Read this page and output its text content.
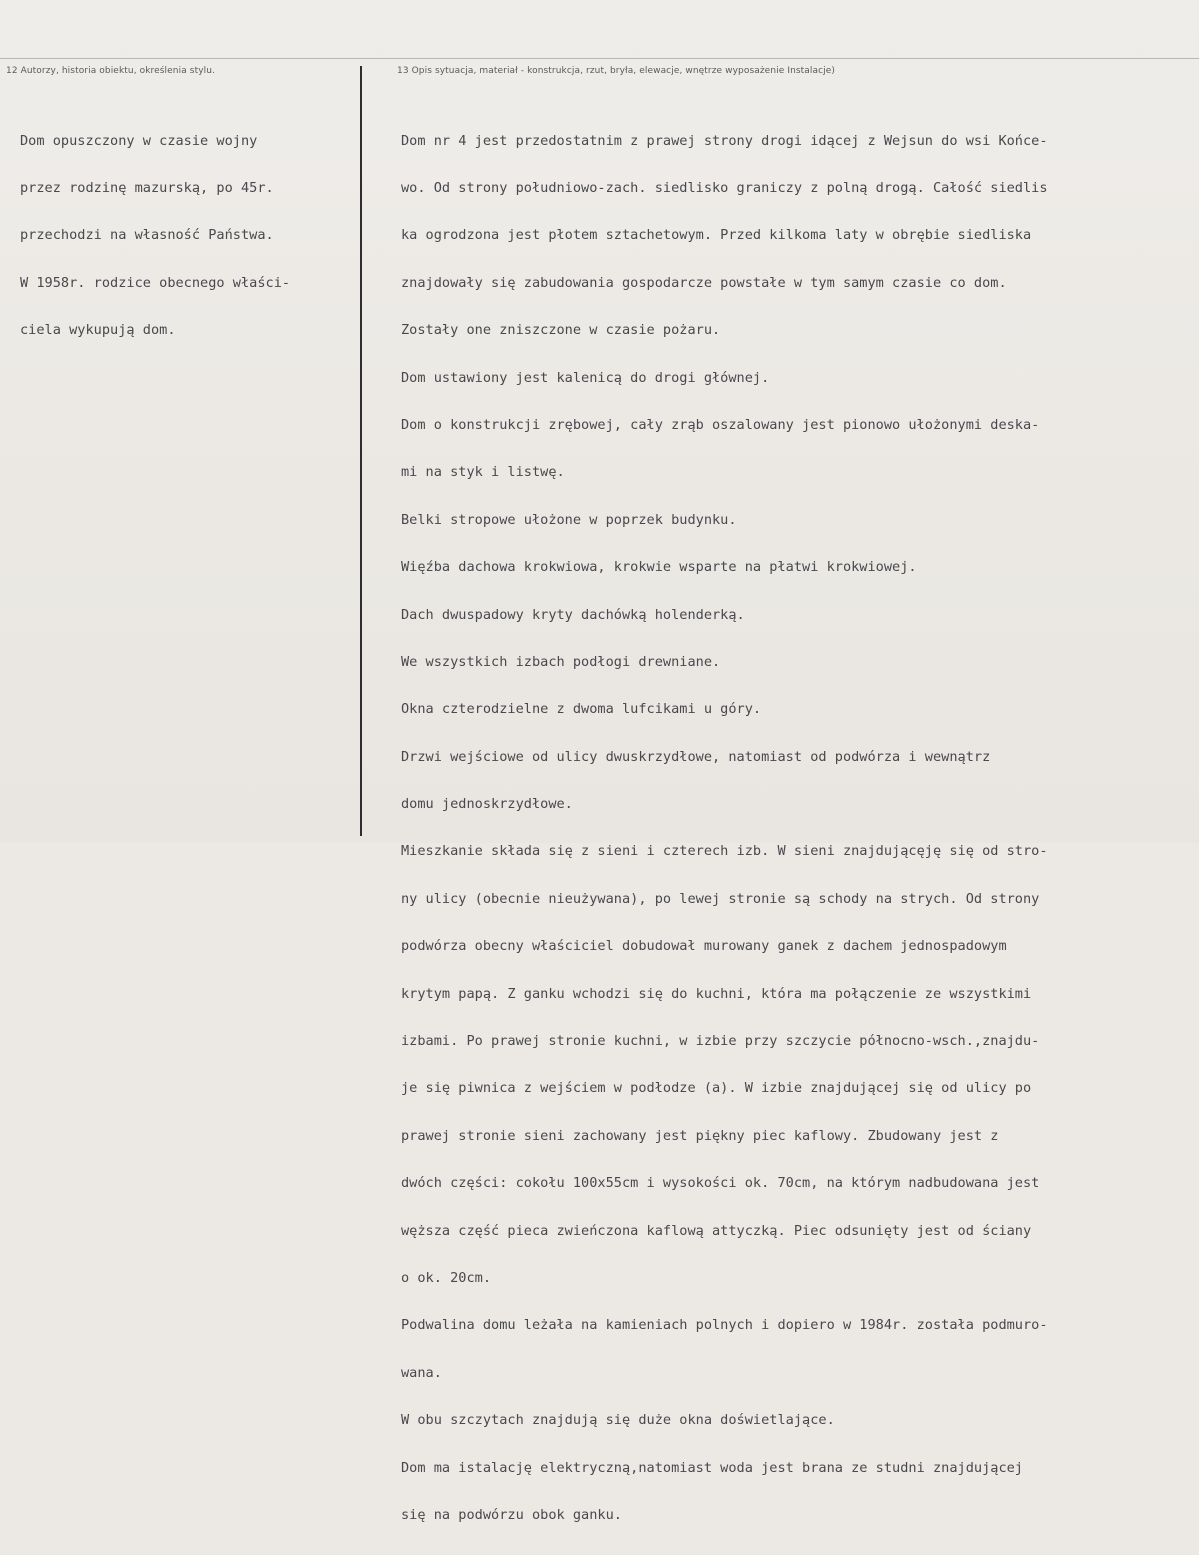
12 Autorzy, historia obiektu, określenia stylu.	13 Opis sytuacja, materiał - konstrukcja, rzut, bryła, elewacje, wnętrze wyposażenie Instalacje)

Dom opuszczony w czasie wojny

przez rodzinę mazurską, po 45r.

przechodzi na własność Państwa.

W 1958r. rodzice obecnego właści-

ciela wykupują dom.

Dom nr 4 jest przedostatnim z prawej strony drogi idącej z Wejsun do wsi Końce-

wo. Od strony południowo-zach. siedlisko graniczy z polną drogą. Całość siedlis

ka ogrodzona jest płotem sztachetowym. Przed kilkoma laty w obrębie siedliska

znajdowały się zabudowania gospodarcze powstałe w tym samym czasie co dom.

Zostały one zniszczone w czasie pożaru.

Dom ustawiony jest kalenicą do drogi głównej.

Dom o konstrukcji zrębowej, cały zrąb oszalowany jest pionowo ułożonymi deska-

mi na styk i listwę.

Belki stropowe ułożone w poprzek budynku.

Więźba dachowa krokwiowa, krokwie wsparte na płatwi krokwiowej.

Dach dwuspadowy kryty dachówką holenderką.

We wszystkich izbach podłogi drewniane.

Okna czterodzielne z dwoma lufcikami u góry.

Drzwi wejściowe od ulicy dwuskrzydłowe, natomiast od podwórza i wewnątrz

domu jednoskrzydłowe.

Mieszkanie składa się z sieni i czterech izb. W sieni znajdującęję się od stro-

ny ulicy (obecnie nieużywana), po lewej stronie są schody na strych. Od strony

podwórza obecny właściciel dobudował murowany ganek z dachem jednospadowym

krytym papą. Z ganku wchodzi się do kuchni, która ma połączenie ze wszystkimi

izbami. Po prawej stronie kuchni, w izbie przy szczycie północno-wsch.,znajdu-

je się piwnica z wejściem w podłodze (a). W izbie znajdującej się od ulicy po

prawej stronie sieni zachowany jest piękny piec kaflowy. Zbudowany jest z

dwóch części: cokołu 100x55cm i wysokości ok. 70cm, na którym nadbudowana jest

węższa część pieca zwieńczona kaflową attyczką. Piec odsunięty jest od ściany

o ok. 20cm.

Podwalina domu leżała na kamieniach polnych i dopiero w 1984r. została podmuro-

wana.

W obu szczytach znajdują się duże okna doświetlające.

Dom ma istalację elektryczną,natomiast woda jest brana ze studni znajdującej

się na podwórzu obok ganku.
